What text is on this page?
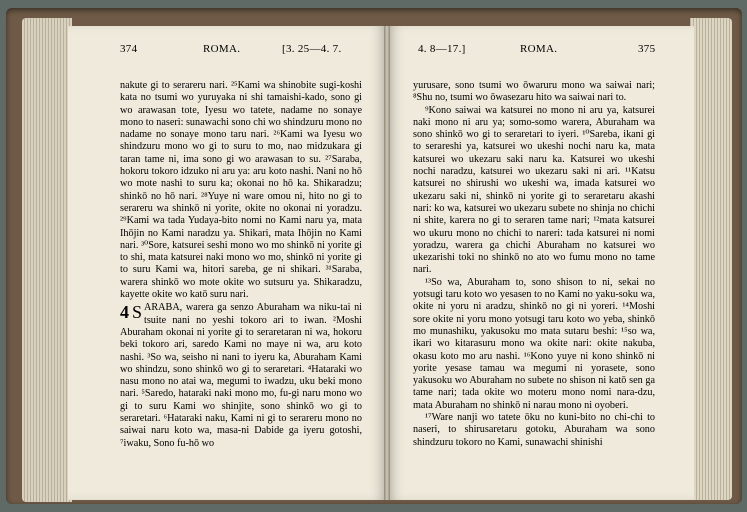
374	ROMA.	[3. 25—4. 7.	4. 8—17.]	ROMA.	375

nakute gi to serareru nari. ²⁵Kami wa shinobite sugi-koshi kata no tsumi wo yuruyaka ni shi tamaishi-kado, sono gi wo arawasan tote, Iyesu wo tatete, nadame no sonaye mono to naseri: sunawachi sono chi wo shindzuru mono no nadame no sonaye mono taru nari. ²⁶Kami wa Iyesu wo shindzuru mono wo gi to suru to mo, nao midzukara gi taran tame ni, ima sono gi wo arawasan to su. ²⁷Saraba, hokoru tokoro idzuko ni aru ya: aru koto nashi. Nani no hō wo mote nashi to suru ka; okonai no hō ka. Shikaradzu; shinkō no hō nari. ²⁸Yuye ni ware omou ni, hito no gi to serareru wa shinkō ni yorite, okite no okonai ni yoradzu. ²⁹Kami wa tada Yudaya-bito nomi no Kami naru ya, mata Ihōjin no Kami naradzu ya. Shikari, mata Ihōjin no Kami nari. ³⁰Sore, katsurei seshi mono wo mo shinkō ni yorite gi to shi, mata katsurei naki mono wo mo, shinkō ni yorite gi to suru Kami wa, hitori sareba, ge ni shikari. ³¹Saraba, warera shinkō wo mote okite wo sutsuru ya. Shikaradzu, kayette okite wo katō suru nari.

4 S ARABA, warera ga senzo Aburaham wa niku-tai ni tsuite nani no yeshi tokoro ari to iwan. ²Moshi Aburaham okonai ni yorite gi to seraretaran ni wa, hokoru beki tokoro ari, saredo Kami no maye ni wa, aru koto nashi. ³So wa, seisho ni nani to iyeru ka, Aburaham Kami wo shindzu, sono shinkō wo gi to seraretari. ⁴Hataraki wo nasu mono no atai wa, megumi to iwadzu, uku beki mono nari. ⁵Saredo, hataraki naki mono mo, fu-gi naru mono wo gi to suru Kami wo shinjite, sono shinkō wo gi to seraretari. ⁶Hataraki naku, Kami ni gi to serareru mono no saiwai naru koto wa, masa-ni Dabide ga iyeru gotoshi, ⁷iwaku, Sono fu-hō wo

yurusare, sono tsumi wo ōwaruru mono wa saiwai nari; ⁸Shu no, tsumi wo ōwasezaru hito wa saiwai nari to.

⁹Kono saiwai wa katsurei no mono ni aru ya, katsurei naki mono ni aru ya; somo-somo warera, Aburaham wa sono shinkō wo gi to seraretari to iyeri. ¹⁰Sareba, ikani gi to serareshi ya, katsurei wo ukeshi nochi naru ka, mata katsurei wo ukezaru saki naru ka. Katsurei wo ukeshi nochi naradzu, katsurei wo ukezaru saki ni ari. ¹¹Katsu katsurei no shirushi wo ukeshi wa, imada katsurei wo ukezaru saki ni, shinkō ni yorite gi to seraretaru akashi nari: ko wa, katsurei wo ukezaru subete no shinja no chichi ni shite, karera no gi to seraren tame nari; ¹²mata katsurei wo ukuru mono no chichi to nareri: tada katsurei ni nomi yoradzu, warera ga chichi Aburaham no katsurei wo ukezarishi toki no shinkō no ato wo fumu mono no tame nari.

¹³So wa, Aburaham to, sono shison to ni, sekai no yotsugi taru koto wo yesasen to no Kami no yaku-soku wa, okite ni yoru ni aradzu, shinkō no gi ni yoreri. ¹⁴Moshi sore okite ni yoru mono yotsugi taru koto wo yeba, shinkō mo munashiku, yakusoku mo mata sutaru beshi: ¹⁵so wa, ikari wo kitarasuru mono wa okite nari: okite nakuba, okasu koto mo aru nashi. ¹⁶Kono yuye ni kono shinkō ni yorite yesase tamau wa megumi ni yorasete, sono yakusoku wo Aburaham no subete no shison ni katō sen ga tame nari; tada okite wo moteru mono nomi nara-dzu, mata Aburaham no shinkō ni narau mono ni oyoberi.

¹⁷Ware nanji wo tatete ōku no kuni-bito no chi-chi to naseri, to shirusaretaru gotoku, Aburaham wa sono shindzuru tokoro no Kami, sunawachi shinishi
